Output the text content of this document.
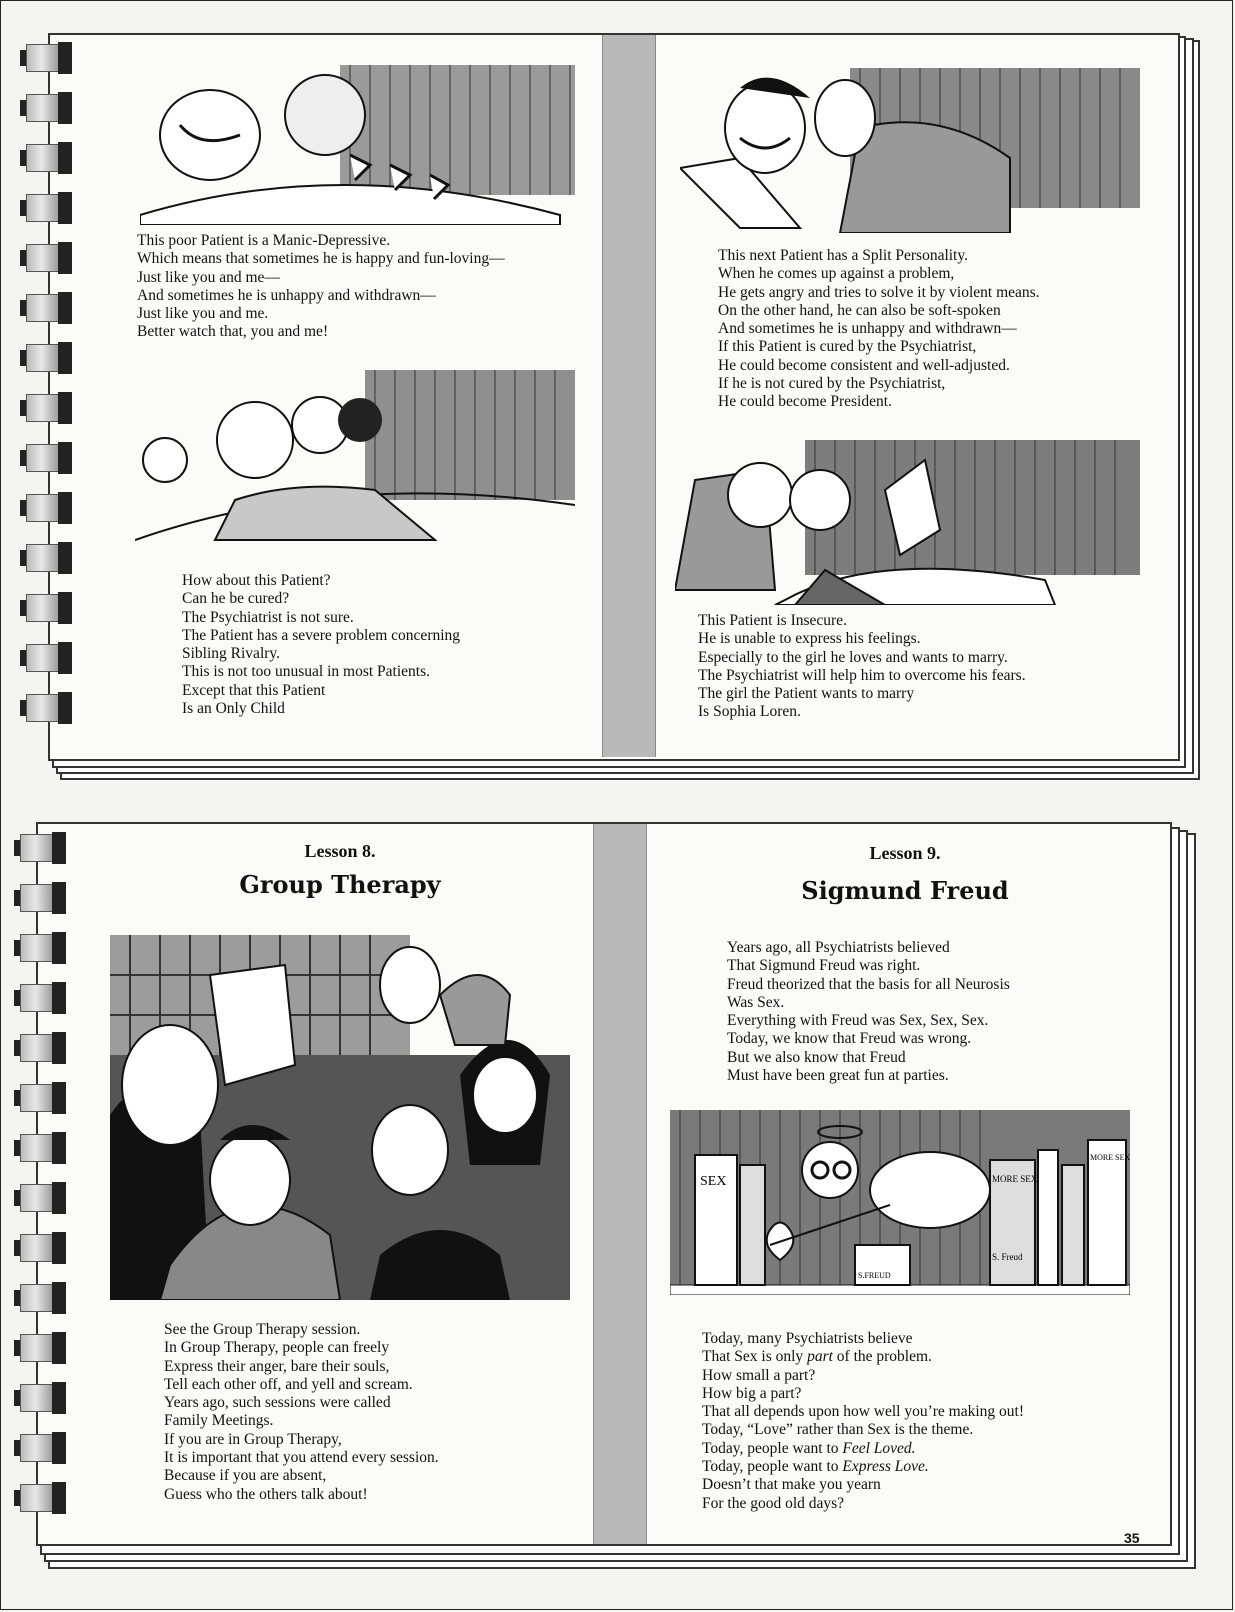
This poor Patient is a Manic-Depressive.
Which means that sometimes he is happy and fun-loving—
Just like you and me—
And sometimes he is unhappy and withdrawn—
Just like you and me.
Better watch that, you and me!
How about this Patient?
Can he be cured?
The Psychiatrist is not sure.
The Patient has a severe problem concerning
Sibling Rivalry.
This is not too unusual in most Patients.
Except that this Patient
Is an Only Child
This next Patient has a Split Personality.
When he comes up against a problem,
He gets angry and tries to solve it by violent means.
On the other hand, he can also be soft-spoken
And sometimes he is unhappy and withdrawn—
If this Patient is cured by the Psychiatrist,
He could become consistent and well-adjusted.
If he is not cured by the Psychiatrist,
He could become President.
This Patient is Insecure.
He is unable to express his feelings.
Especially to the girl he loves and wants to marry.
The Psychiatrist will help him to overcome his fears.
The girl the Patient wants to marry
Is Sophia Loren.
Lesson 8.
Group Therapy
Lesson 9.
Sigmund Freud
See the Group Therapy session.
In Group Therapy, people can freely
Express their anger, bare their souls,
Tell each other off, and yell and scream.
Years ago, such sessions were called
Family Meetings.
If you are in Group Therapy,
It is important that you attend every session.
Because if you are absent,
Guess who the others talk about!
Years ago, all Psychiatrists believed
That Sigmund Freud was right.
Freud theorized that the basis for all Neurosis
Was Sex.
Everything with Freud was Sex, Sex, Sex.
Today, we know that Freud was wrong.
But we also know that Freud
Must have been great fun at parties.
SEX	MORE SEX
S. Freud
MORE SEX
S.FREUD
Today, many Psychiatrists believe
That Sex is only part of the problem.
How small a part?
How big a part?
That all depends upon how well you’re making out!
Today, “Love” rather than Sex is the theme.
Today, people want to Feel Loved.
Today, people want to Express Love.
Doesn’t that make you yearn
For the good old days?
35
